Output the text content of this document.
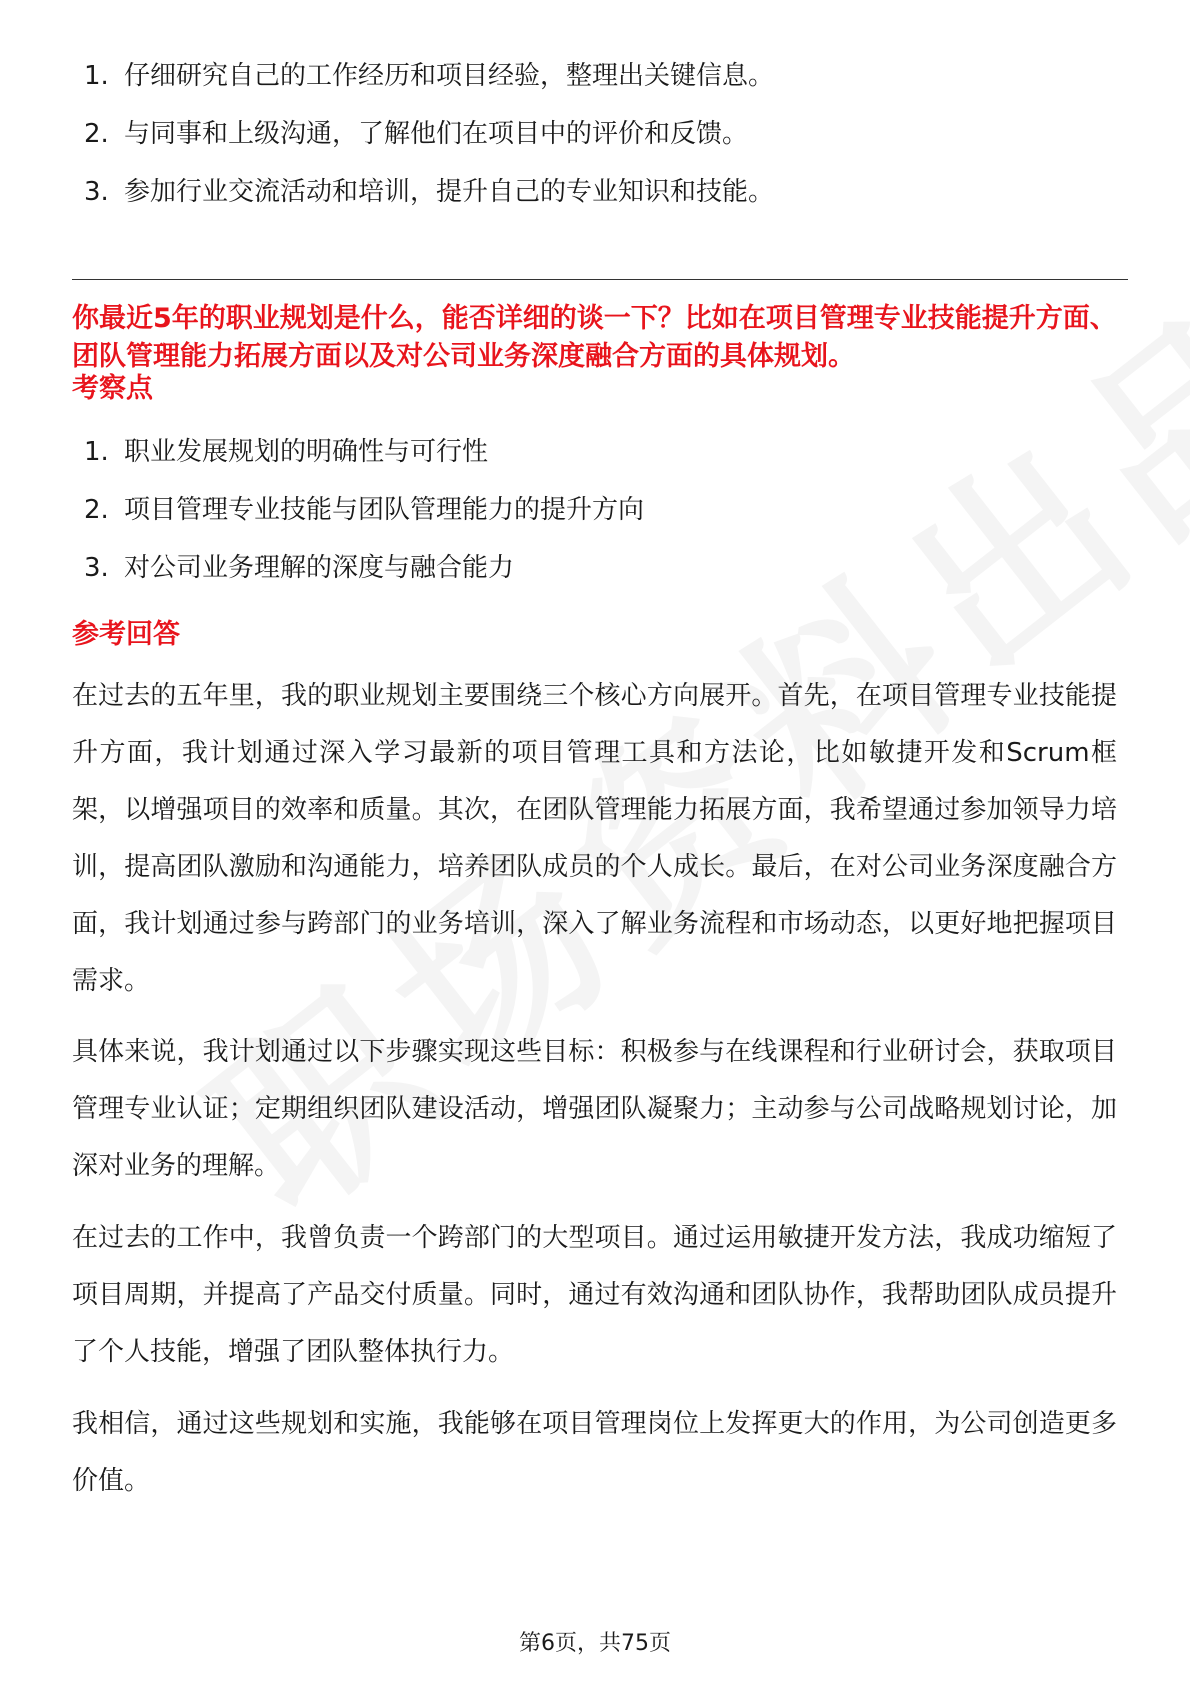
1. 仔细研究自己的工作经历和项目经验，整理出关键信息。
2. 与同事和上级沟通，了解他们在项目中的评价和反馈。
3. 参加行业交流活动和培训，提升自己的专业知识和技能。

你最近5年的职业规划是什么，能否详细的谈一下？比如在项目管理专业技能提升方面、团队管理能力拓展方面以及对公司业务深度融合方面的具体规划。

考察点

1. 职业发展规划的明确性与可行性
2. 项目管理专业技能与团队管理能力的提升方向
3. 对公司业务理解的深度与融合能力

参考回答

在过去的五年里，我的职业规划主要围绕三个核心方向展开。首先，在项目管理专业技能提升方面，我计划通过深入学习最新的项目管理工具和方法论，比如敏捷开发和Scrum框架，以增强项目的效率和质量。其次，在团队管理能力拓展方面，我希望通过参加领导力培训，提高团队激励和沟通能力，培养团队成员的个人成长。最后，在对公司业务深度融合方面，我计划通过参与跨部门的业务培训，深入了解业务流程和市场动态，以更好地把握项目需求。

具体来说，我计划通过以下步骤实现这些目标：积极参与在线课程和行业研讨会，获取项目管理专业认证；定期组织团队建设活动，增强团队凝聚力；主动参与公司战略规划讨论，加深对业务的理解。

在过去的工作中，我曾负责一个跨部门的大型项目。通过运用敏捷开发方法，我成功缩短了项目周期，并提高了产品交付质量。同时，通过有效沟通和团队协作，我帮助团队成员提升了个人技能，增强了团队整体执行力。

我相信，通过这些规划和实施，我能够在项目管理岗位上发挥更大的作用，为公司创造更多价值。

第6页，共75页
